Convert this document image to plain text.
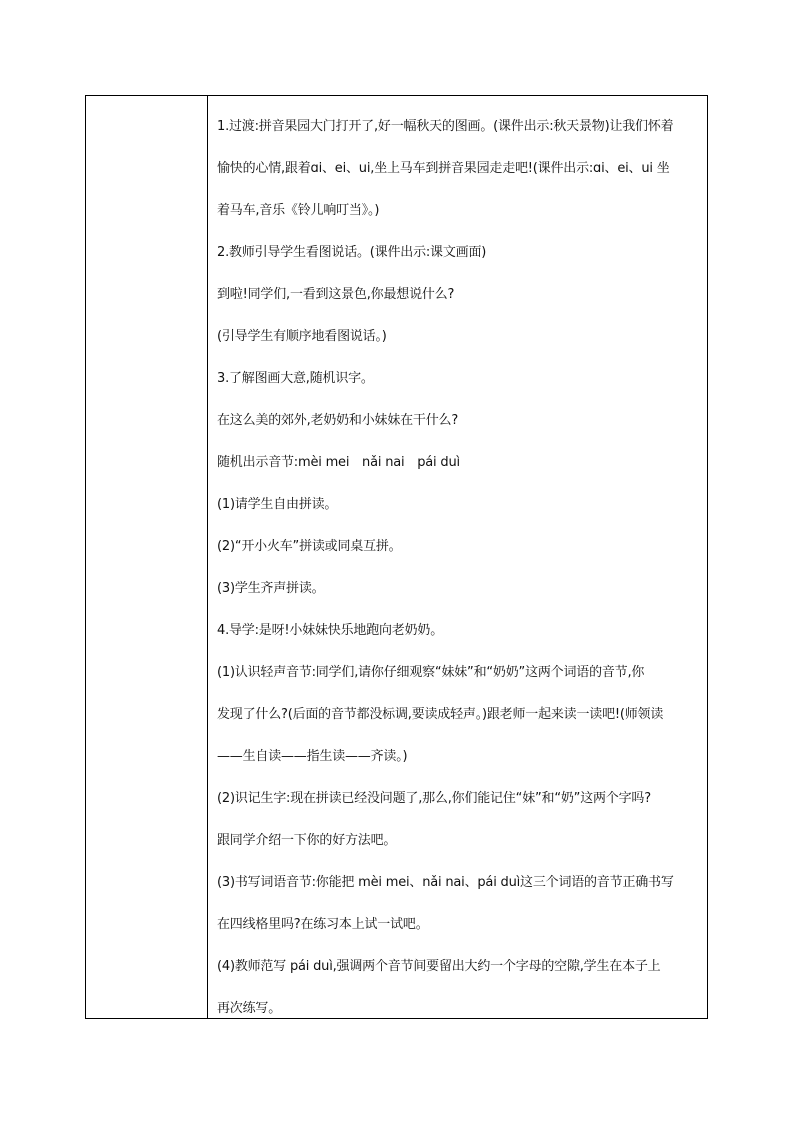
1.过渡:拼音果园大门打开了,好一幅秋天的图画。(课件出示:秋天景物)让我们怀着
愉快的心情,跟着ɑi、ei、ui,坐上马车到拼音果园走走吧!(课件出示:ɑi、ei、ui 坐
着马车,音乐《铃儿响叮当》。)
2.教师引导学生看图说话。(课件出示:课文画面)
到啦!同学们,一看到这景色,你最想说什么?
(引导学生有顺序地看图说话。)
3.了解图画大意,随机识字。
在这么美的郊外,老奶奶和小妹妹在干什么?
随机出示音节:mèi mei　nǎi nai　pái duì
(1)请学生自由拼读。
(2)“开小火车”拼读或同桌互拼。
(3)学生齐声拼读。
4.导学:是呀!小妹妹快乐地跑向老奶奶。
(1)认识轻声音节:同学们,请你仔细观察“妹妹”和“奶奶”这两个词语的音节,你
发现了什么?(后面的音节都没标调,要读成轻声。)跟老师一起来读一读吧!(师领读
——生自读——指生读——齐读。)
(2)识记生字:现在拼读已经没问题了,那么,你们能记住“妹”和“奶”这两个字吗?
跟同学介绍一下你的好方法吧。
(3)书写词语音节:你能把 mèi mei、nǎi nai、pái duì这三个词语的音节正确书写
在四线格里吗?在练习本上试一试吧。
(4)教师范写 pái duì,强调两个音节间要留出大约一个字母的空隙,学生在本子上
再次练写。
